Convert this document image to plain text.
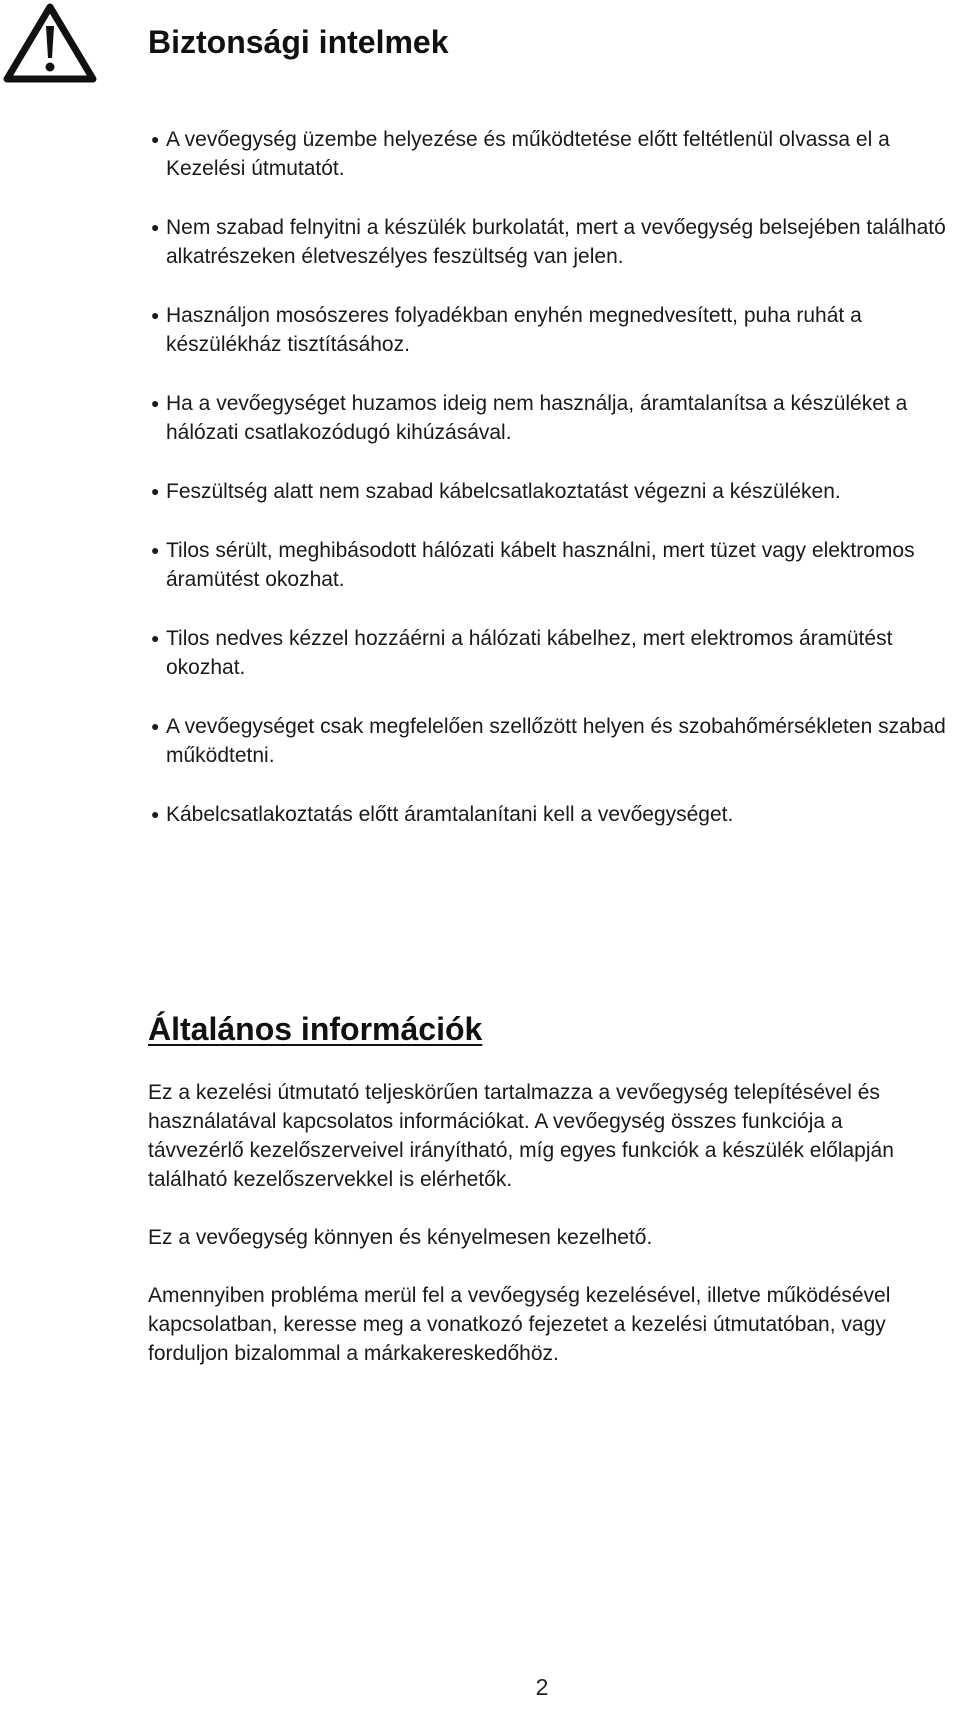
Biztonsági intelmek
● A vevőegység üzembe helyezése és működtetése előtt feltétlenül olvassa el a Kezelési útmutatót.
● Nem szabad felnyitni a készülék burkolatát, mert a vevőegység belsejében található alkatrészeken életveszélyes feszültség van jelen.
● Használjon mosószeres folyadékban enyhén megnedvesített, puha ruhát a készülékház tisztításához.
● Ha a vevőegységet huzamos ideig nem használja, áramtalanítsa a készüléket a hálózati csatlakozódugó kihúzásával.
● Feszültség alatt nem szabad kábelcsatlakoztatást végezni a készüléken.
● Tilos sérült, meghibásodott hálózati kábelt használni, mert tüzet vagy elektromos áramütést okozhat.
● Tilos nedves kézzel hozzáérni a hálózati kábelhez, mert elektromos áramütést okozhat.
● A vevőegységet csak megfelelően szellőzött helyen és szobahőmérsékleten szabad működtetni.
● Kábelcsatlakoztatás előtt áramtalanítani kell a vevőegységet.
Általános információk

Ez a kezelési útmutató teljeskörűen tartalmazza a vevőegység telepítésével és használatával kapcsolatos információkat. A vevőegység összes funkciója a távvezérlő kezelőszerveivel irányítható, míg egyes funkciók a készülék előlapján található kezelőszervekkel is elérhetők.

Ez a vevőegység könnyen és kényelmesen kezelhető.

Amennyiben probléma merül fel a vevőegység kezelésével, illetve működésével kapcsolatban, keresse meg a vonatkozó fejezetet a kezelési útmutatóban, vagy forduljon bizalommal a márkakereskedőhöz.

2
